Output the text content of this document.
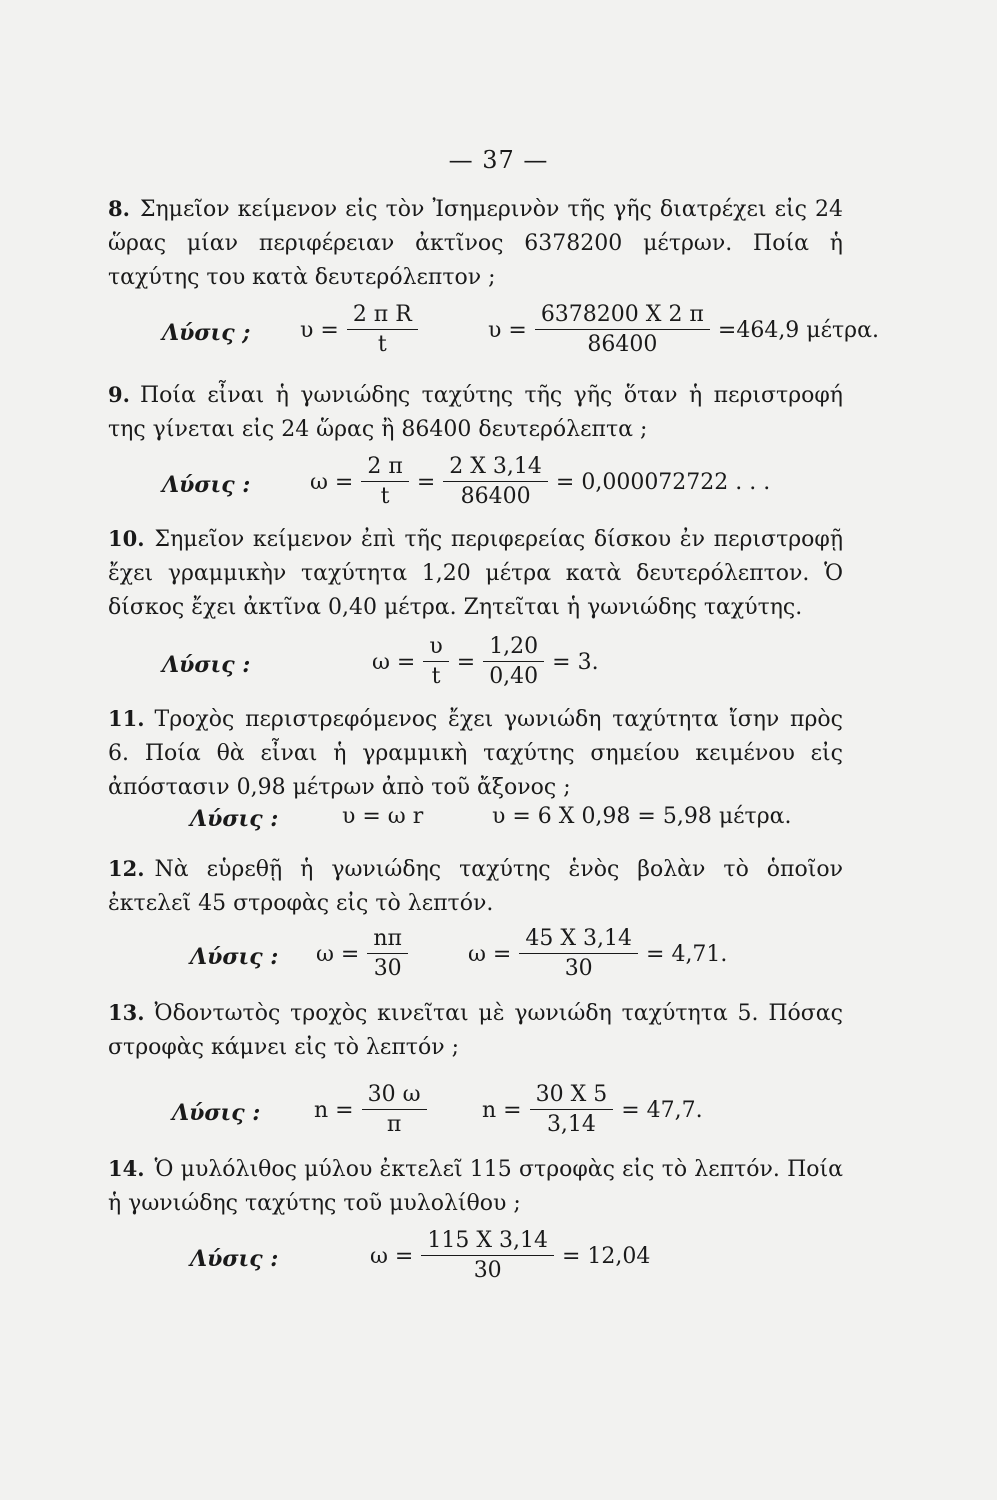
— 37 —
8. Σημεῖον κείμενον εἰς τὸν Ἰσημερινὸν τῆς γῆς διατρέχει εἰς 24 ὥρας μίαν περιφέρειαν ἀκτῖνος 6378200 μέτρων. Ποία ἡ ταχύτης του κατὰ δευτερόλεπτον ;
Λύσις ; $\upsilon = \frac{\text{2 π R}}{t}$	$\upsilon = \frac{6378200 X 2 \pi}{86400} =464,9$ μέτρα.
9. Ποία εἶναι ἡ γωνιώδης ταχύτης τῆς γῆς ὅταν ἡ περιστροφή της γίνεται εἰς 24 ὥρας ἢ 86400 δευτερόλεπτα ;
Λύσις :	$\omega = \frac{2 \pi}{t} = \frac{2 X 3,14}{86400} = 0,000072722$ . . .
10. Σημεῖον κείμενον ἐπὶ τῆς περιφερείας δίσκου ἐν περιστροφῇ ἔχει γραμμικὴν ταχύτητα 1,20 μέτρα κατὰ δευτερόλεπτον. Ὁ δίσκος ἔχει ἀκτῖνα 0,40 μέτρα. Ζητεῖται ἡ γωνιώδης ταχύτης.
Λύσις :	$\omega = \frac{\upsilon}{t} = \frac{1,20}{0,40} = 3$.
11. Τροχὸς περιστρεφόμενος ἔχει γωνιώδη ταχύτητα ἴσην πρὸς 6. Ποία θὰ εἶναι ἡ γραμμικὴ ταχύτης σημείου κειμένου εἰς ἀπόστασιν 0,98 μέτρων ἀπὸ τοῦ ἄξονος ;
Λύσις :	υ = ω r	υ = 6 X 0,98 = 5,98 μέτρα.
12. Νὰ εὑρεθῇ ἡ γωνιώδης ταχύτης ἑνὸς βολὰν τὸ ὁποῖον ἐκτελεῖ 45 στροφὰς εἰς τὸ λεπτόν.
Λύσις : $\omega = \frac{n\pi}{30}$	$\omega = \frac{45 X 3,14}{30} = 4,71$.
13. Ὀδοντωτὸς τροχὸς κινεῖται μὲ γωνιώδη ταχύτητα 5. Πόσας στροφὰς κάμνει εἰς τὸ λεπτόν ;
Λύσις : $n = \frac{30 \omega}{\pi}$	$n = \frac{30 X 5}{3,14} = 47,7$.
14. Ὁ μυλόλιθος μύλου ἐκτελεῖ 115 στροφὰς εἰς τὸ λεπτόν. Ποία ἡ γωνιώδης ταχύτης τοῦ μυλολίθου ;
Λύσις :	$\omega = \frac{115 X 3,14}{30} = 12,04$
